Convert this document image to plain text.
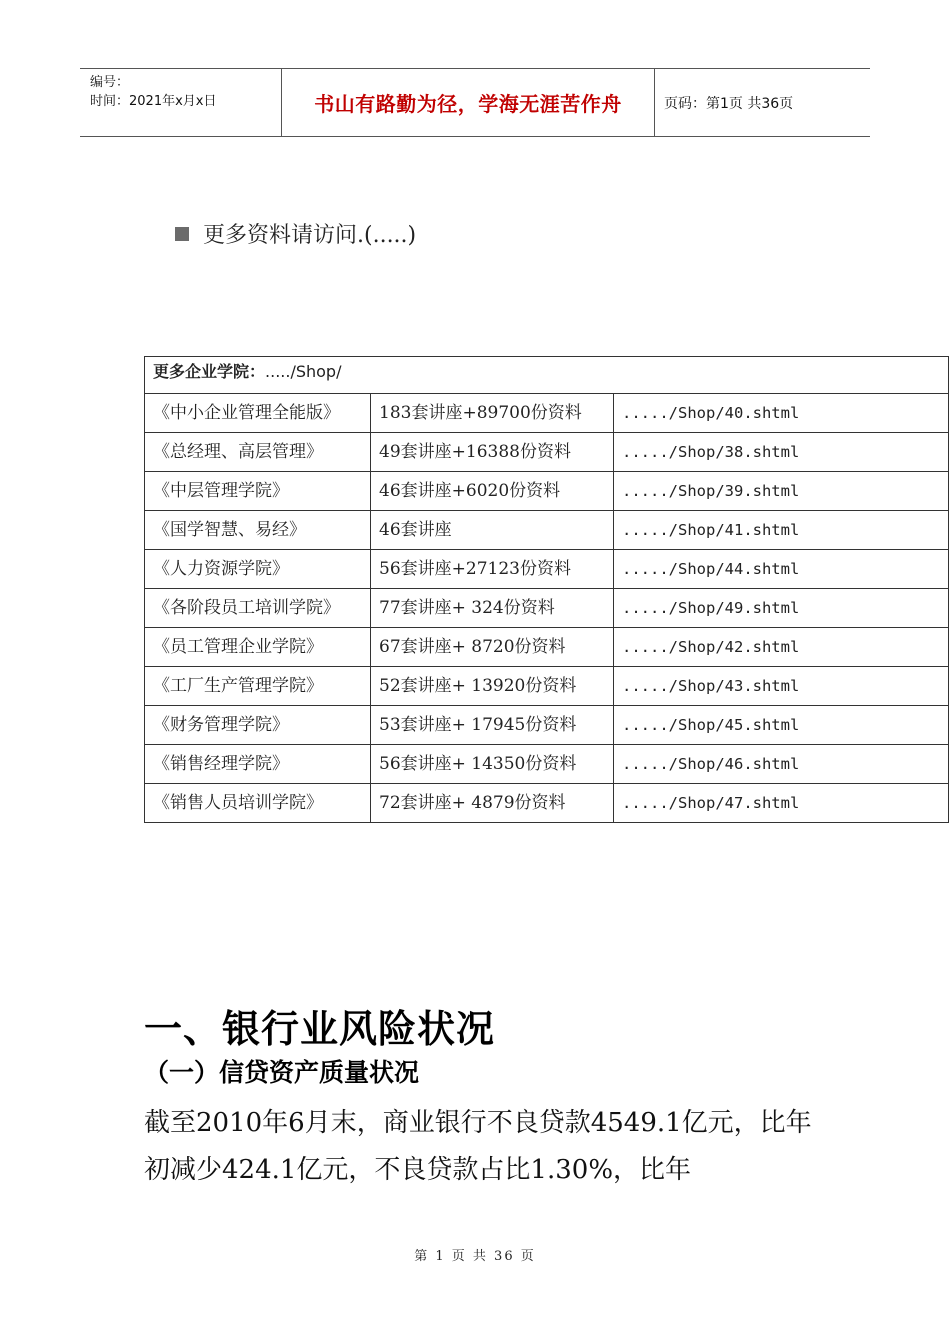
编号：
时间：2021年x月x日	书山有路勤为径，学海无涯苦作舟	页码：第1页 共36页
更多资料请访问.(.....)
更多企业学院：...../Shop/		
《中小企业管理全能版》	183套讲座+89700份资料	...../Shop/40.shtml
《总经理、高层管理》	49套讲座+16388份资料	...../Shop/38.shtml
《中层管理学院》	46套讲座+6020份资料	...../Shop/39.shtml
《国学智慧、易经》	46套讲座	...../Shop/41.shtml
《人力资源学院》	56套讲座+27123份资料	...../Shop/44.shtml
《各阶段员工培训学院》	77套讲座+ 324份资料	...../Shop/49.shtml
《员工管理企业学院》	67套讲座+ 8720份资料	...../Shop/42.shtml
《工厂生产管理学院》	52套讲座+ 13920份资料	...../Shop/43.shtml
《财务管理学院》	53套讲座+ 17945份资料	...../Shop/45.shtml
《销售经理学院》	56套讲座+ 14350份资料	...../Shop/46.shtml
《销售人员培训学院》	72套讲座+ 4879份资料	...../Shop/47.shtml
一、银行业风险状况
（一）信贷资产质量状况

截至2010年6月末，商业银行不良贷款4549.1亿元，比年初减少424.1亿元，不良贷款占比1.30%，比年

第 1 页 共 36 页
